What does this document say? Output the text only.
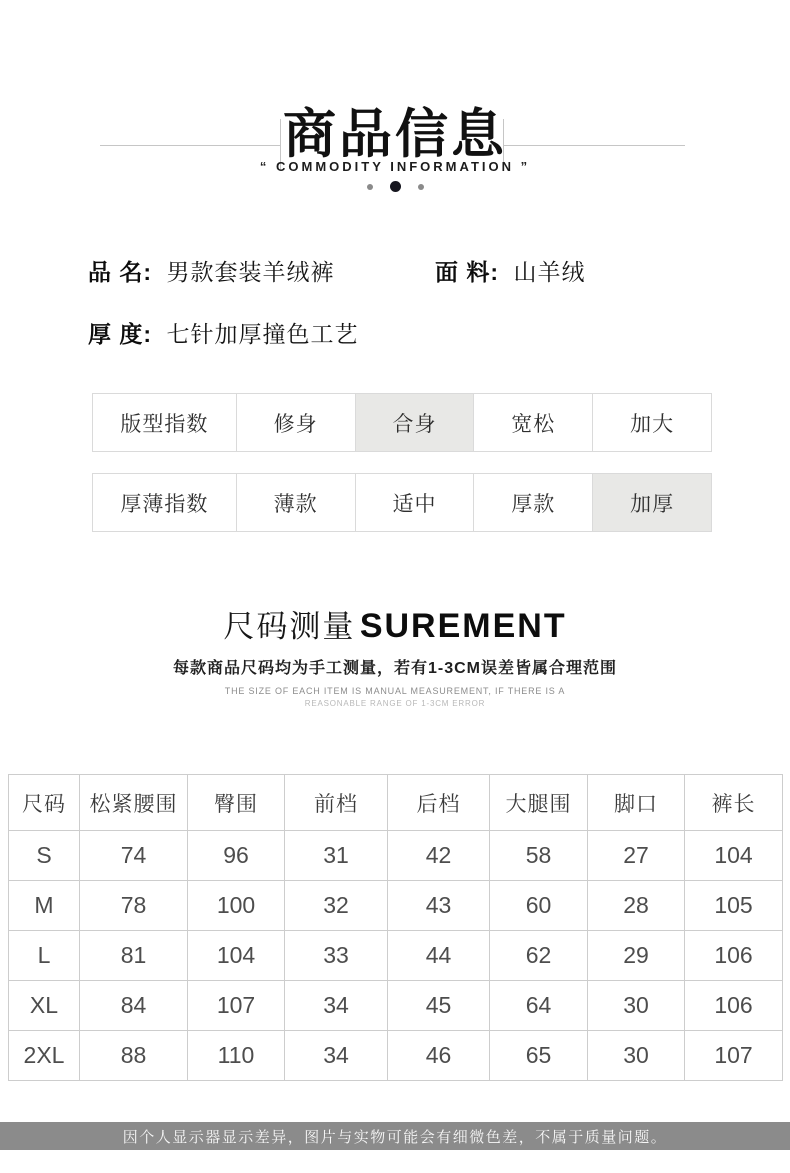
商品信息
“ COMMODITY INFORMATION ”
品 名: 男款套装羊绒裤	面 料: 山羊绒
厚 度: 七针加厚撞色工艺
版型指数	修身	合身	宽松	加大
厚薄指数	薄款	适中	厚款	加厚
尺码测量 SUREMENT
每款商品尺码均为手工测量，若有1-3CM误差皆属合理范围
THE SIZE OF EACH ITEM IS MANUAL MEASUREMENT, IF THERE IS A
REASONABLE RANGE OF 1-3CM ERROR
尺码	松紧腰围	臀围	前档	后档	大腿围	脚口	裤长
S	74	96	31	42	58	27	104
M	78	100	32	43	60	28	105
L	81	104	33	44	62	29	106
XL	84	107	34	45	64	30	106
2XL	88	110	34	46	65	30	107
因个人显示器显示差异，图片与实物可能会有细微色差，不属于质量问题。
